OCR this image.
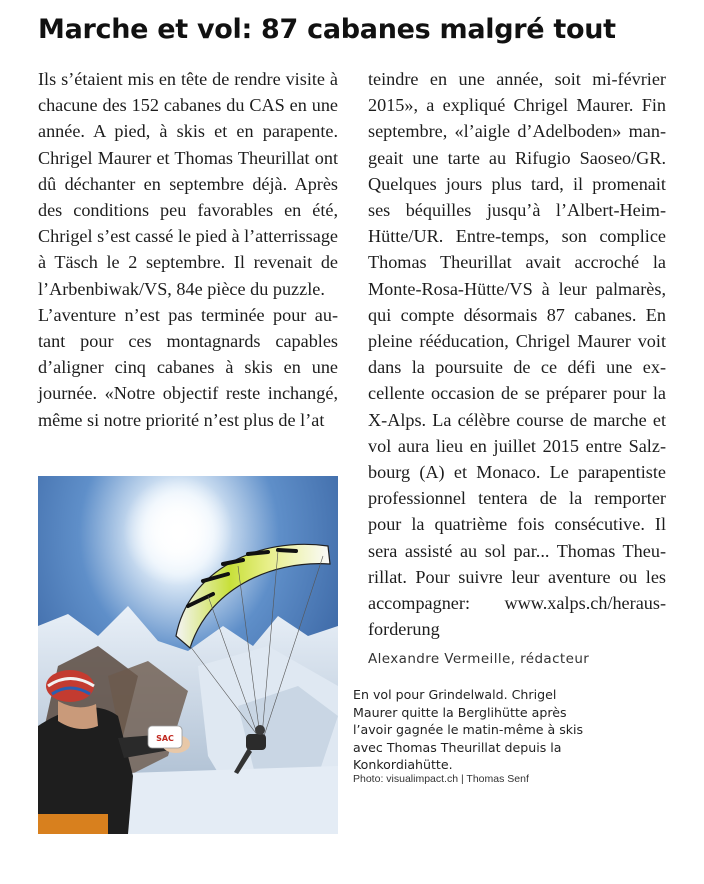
Marche et vol: 87 cabanes malgré tout

Ils s’étaient mis en tête de rendre visite à chacune des 152 cabanes du CAS en une année. A pied, à skis et en parapente. Chrigel Maurer et Thomas Theurillat ont dû déchanter en septembre déjà. Après des conditions peu favorables en été, Chrigel s’est cassé le pied à l’atterrissage à Täsch le 2 septembre. Il revenait de l’Arbenbiwak/VS, 84e pièce du puzzle.

L’aventure n’est pas terminée pour autant pour ces montagnards capables d’aligner cinq cabanes à skis en une journée. «Notre objectif reste inchangé, même si notre priorité n’est plus de l’at

teindre en une année, soit mi-février 2015», a expliqué Chrigel Maurer. Fin septembre, «l’aigle d’Adelboden» mangeait une tarte au Rifugio Saoseo/GR. Quelques jours plus tard, il promenait ses béquilles jusqu’à l’Albert-Heim-Hütte/UR. Entre-temps, son complice Thomas Theurillat avait accroché la Monte-Rosa-Hütte/VS à leur palmarès, qui compte désormais 87 cabanes. En pleine rééducation, Chrigel Maurer voit dans la poursuite de ce défi une excellente occasion de se préparer pour la X-Alps. La célèbre course de marche et vol aura lieu en juillet 2015 entre Salzbourg (A) et Monaco. Le parapentiste professionnel tentera de la remporter pour la quatrième fois consécutive. Il sera assisté au sol par... Thomas Theurillat. Pour suivre leur aventure ou les accompagner: www.xalps.ch/herausforderung

Alexandre Vermeille, rédacteur
SAC
En vol pour Grindelwald. Chrigel Maurer quitte la Berglihütte après l’avoir gagnée le matin-même à skis avec Thomas Theurillat depuis la Konkordiahütte.
Photo: visualimpact.ch | Thomas Senf
